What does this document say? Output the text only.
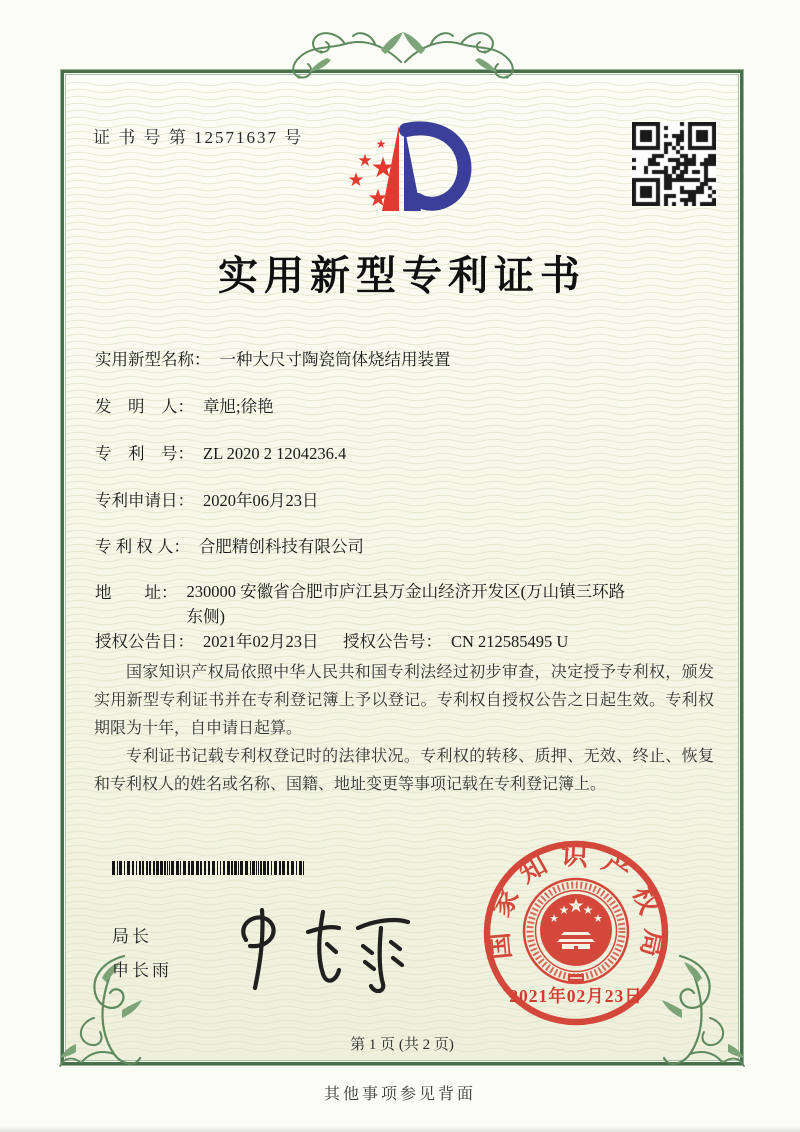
证 书 号 第 12571637 号	★
★
★
★
★
实用新型专利证书
实用新型名称： 一种大尺寸陶瓷筒体烧结用装置
发　明　人： 章旭;徐艳
专　利　号： ZL 2020 2 1204236.4
专利申请日： 2020年06月23日
专 利 权 人： 合肥精创科技有限公司
地　　址： 230000 安徽省合肥市庐江县万金山经济开发区(万山镇三环路东侧)
授权公告日： 2021年02月23日 授权公告号： CN 212585495 U

国家知识产权局依照中华人民共和国专利法经过初步审查，决定授予专利权，颁发实用新型专利证书并在专利登记簿上予以登记。专利权自授权公告之日起生效。专利权期限为十年，自申请日起算。

专利证书记载专利权登记时的法律状况。专利权的转移、质押、无效、终止、恢复和专利权人的姓名或名称、国籍、地址变更等事项记载在专利登记簿上。

局长
申长雨
国家知识产权局
★
★
★
★
★
2021年02月23日
第 1 页 (共 2 页)
其他事项参见背面
